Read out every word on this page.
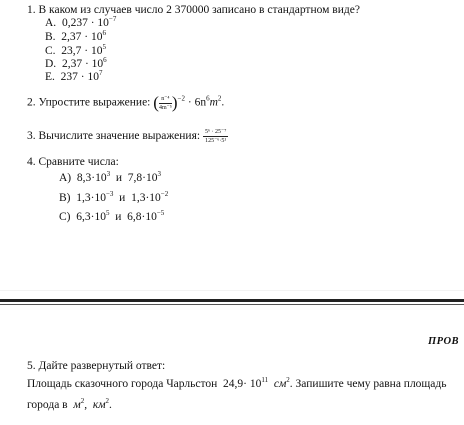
1. В каком из случаев число 2 370000 записано в стандартном виде?
A. $0,237 \cdot 10^{-7}$
B. $2,37 \cdot 10^6$
C. $23,7 \cdot 10^5$
D. $2,37 \cdot 10^6$
E. $237 \cdot 10^7$
2. Упростите выражение: ( $\frac{\text{n⁻⁴}}{\text{4m⁻⁵}} )^{-2} \cdot 6n^6m^2$.
3. Вычислите значение выражения: $\frac{\text{5⁶ · 25⁻⁷}}{\text{125⁻⁶·5¹}}$
4. Сравните числа:
A) $8,3\cdot 10^3$ и $7,8\cdot 10^3$
B) $1,3\cdot 10^{-3}$ и $1,3\cdot 10^{-2}$
C) $6,3\cdot 10^5$ и $6,8\cdot 10^{-5}$
ПРОВ
5. Дайте развернутый ответ:
Площадь сказочного города Чарльстон $24,9\cdot 10^{11}$ $см^2$. Запишите чему равна площадь
города в $м^2$, $км^2$.
